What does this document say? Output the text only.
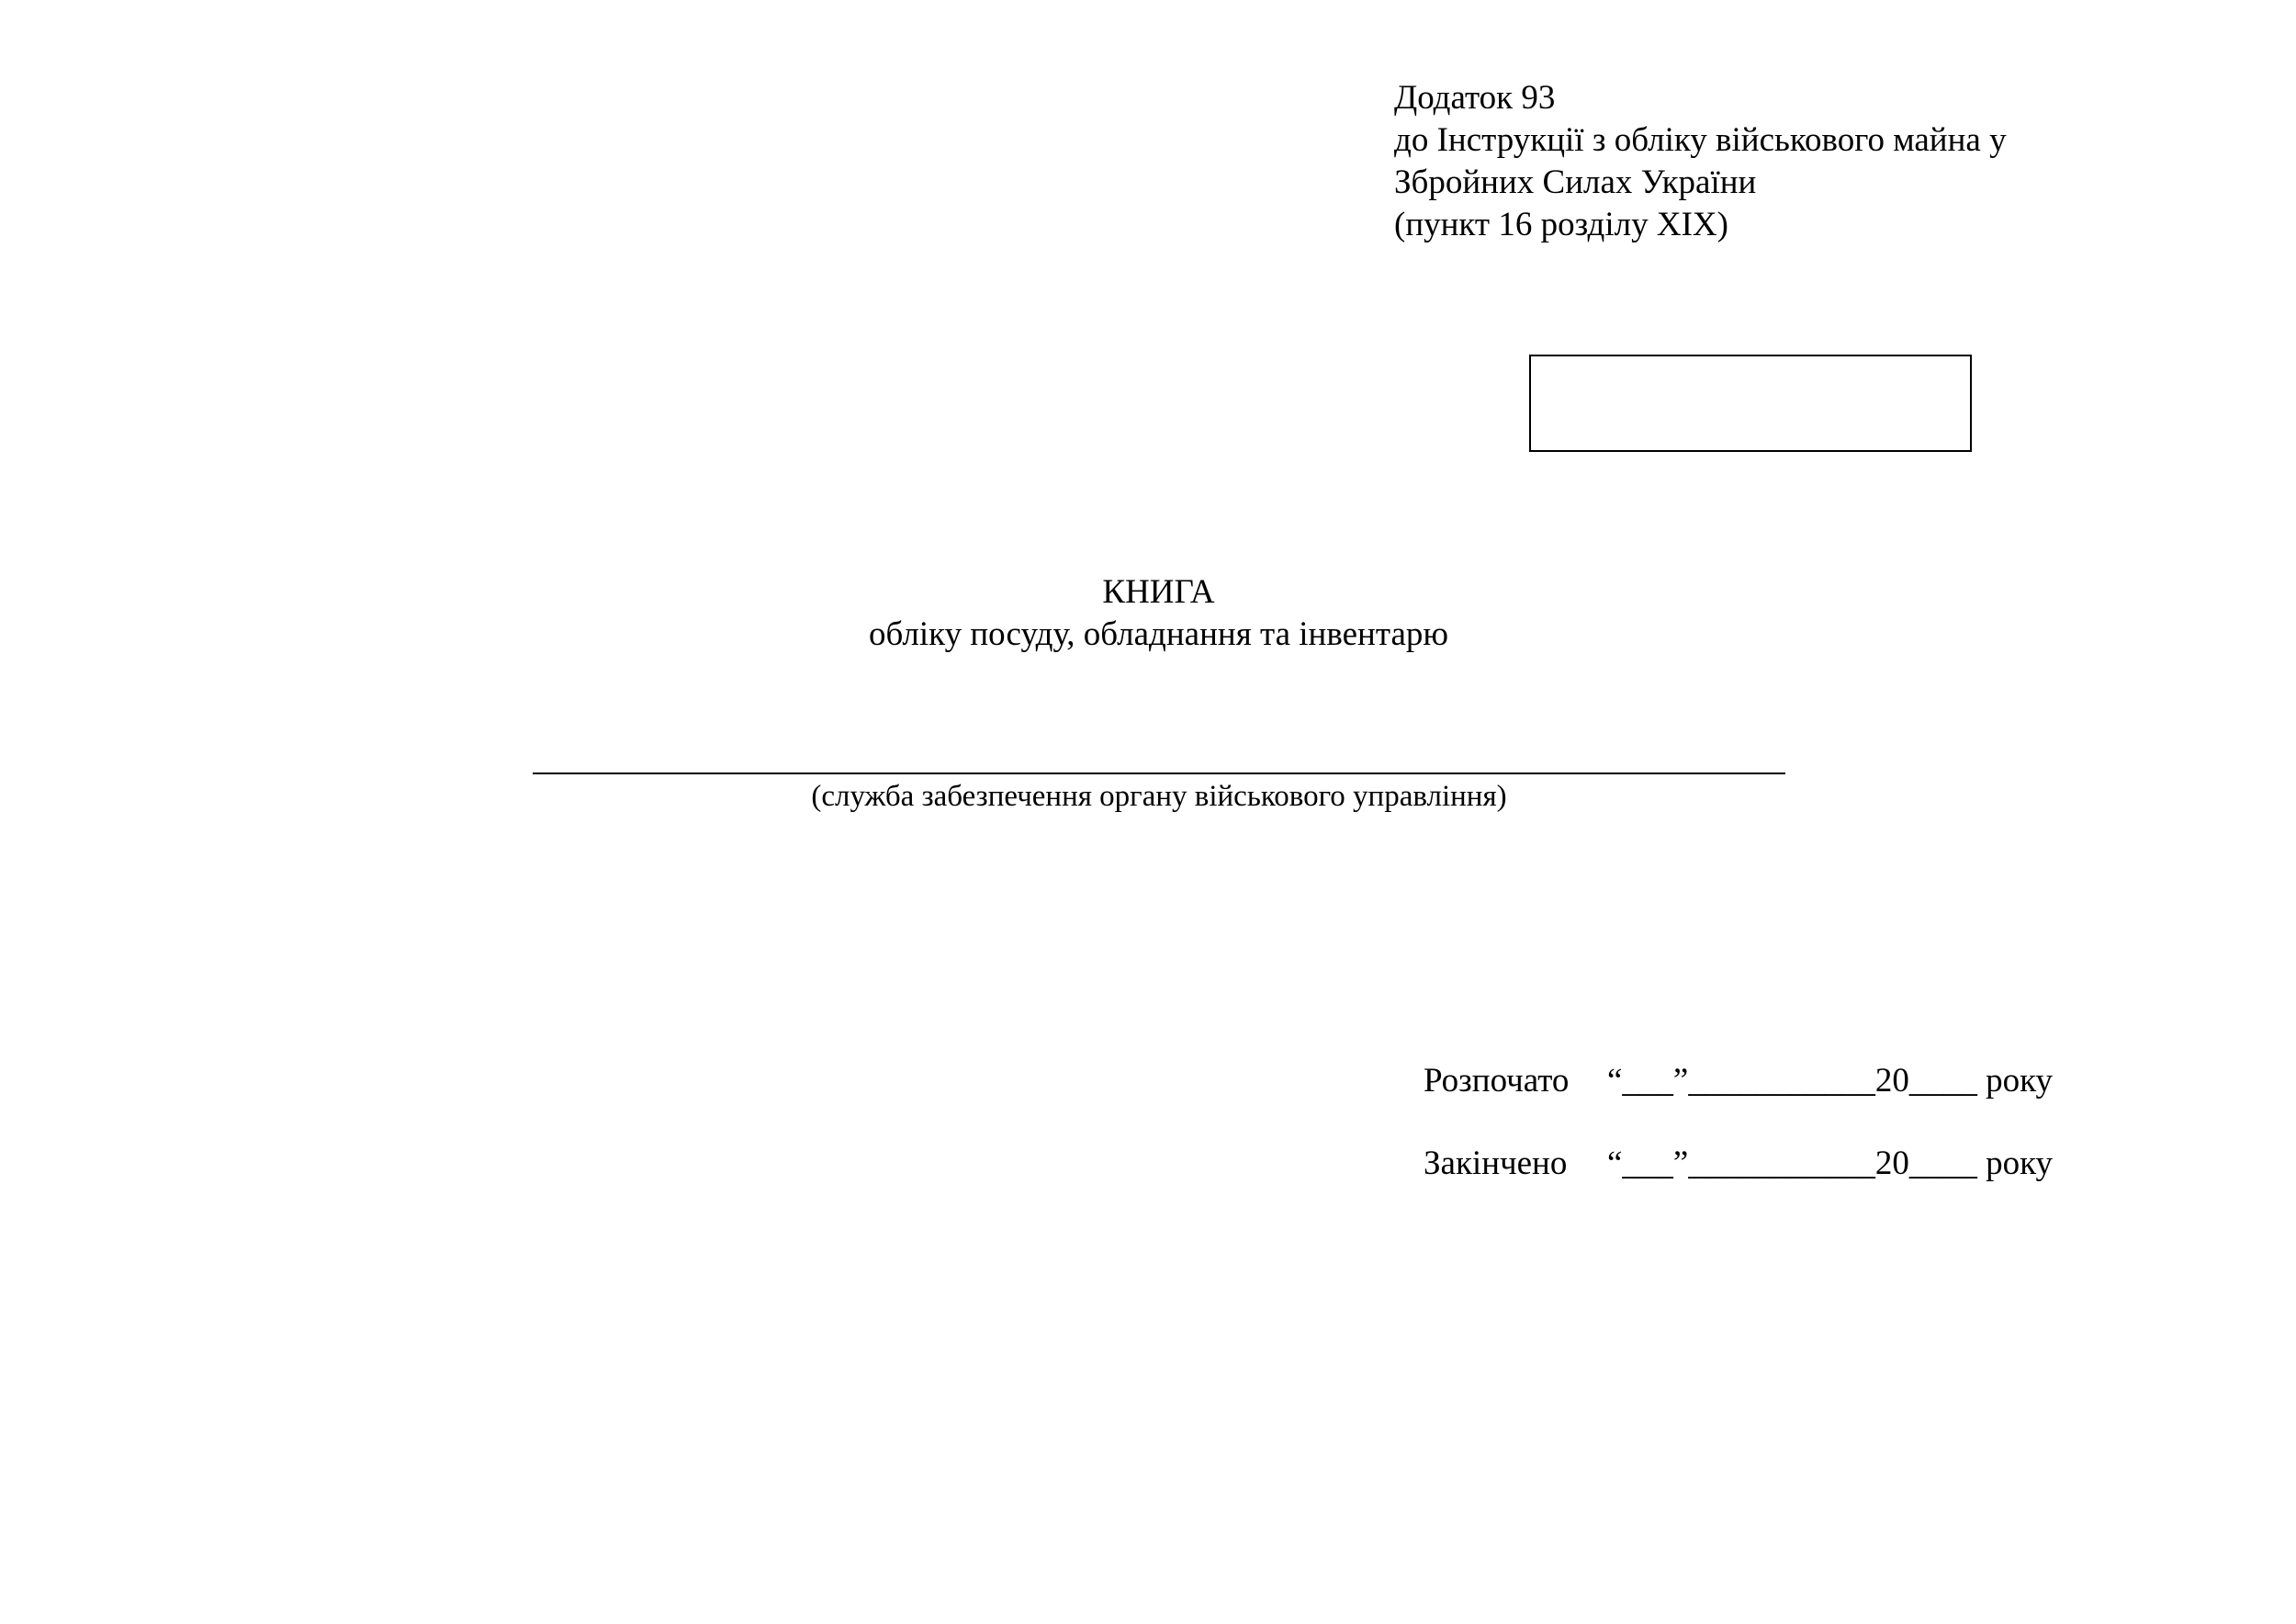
Додаток 93
до Інструкції з обліку військового майна у
Збройних Силах України
(пункт 16 розділу XIX)
КНИГА
обліку посуду, обладнання та інвентарю
(служба забезпечення органу військового управління)
Розпочато “___”___________20____ року
Закінчено “___”___________20____ року
